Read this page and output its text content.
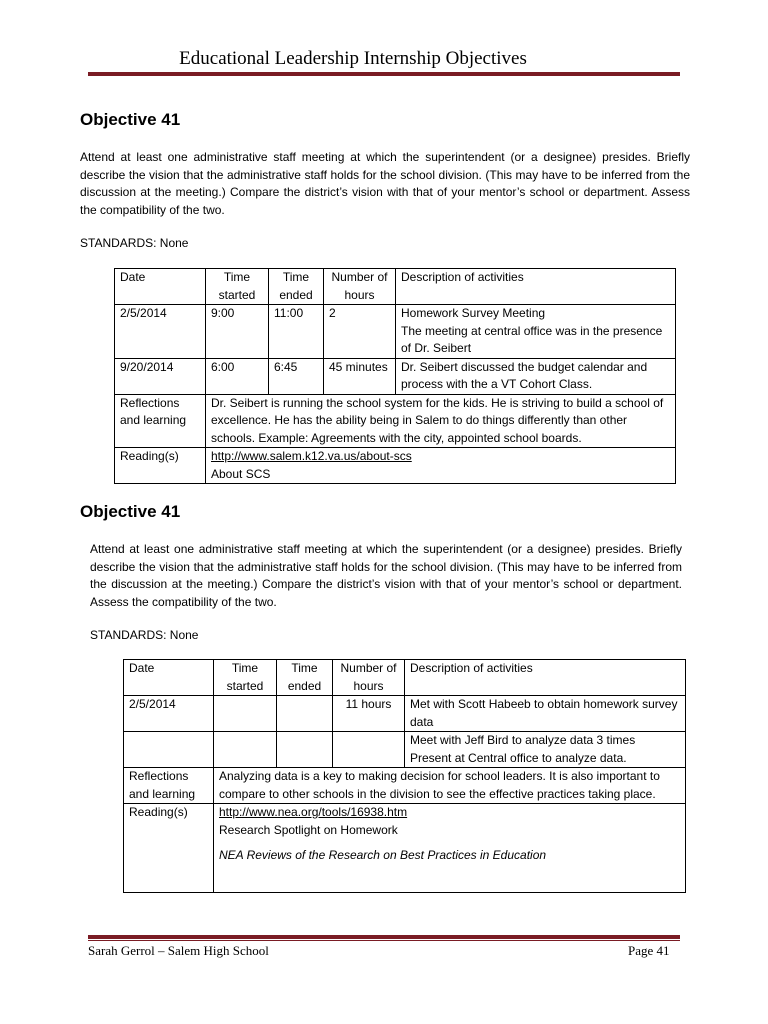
Educational Leadership Internship Objectives
Objective 41
Attend at least one administrative staff meeting at which the superintendent (or a designee) presides. Briefly describe the vision that the administrative staff holds for the school division. (This may have to be inferred from the discussion at the meeting.) Compare the district’s vision with that of your mentor’s school or department. Assess the compatibility of the two.
STANDARDS: None
Date	Time started	Time ended	Number of hours	Description of activities
2/5/2014	9:00	11:00	2	Homework Survey Meeting
The meeting at central office was in the presence of Dr. Seibert

9/20/2014	6:00	6:45	45 minutes	Dr. Seibert discussed the budget calendar and process with the a VT Cohort Class.
Reflections and learning	Dr. Seibert is running the school system for the kids. He is striving to build a school of excellence. He has the ability being in Salem to do things differently than other schools. Example: Agreements with the city, appointed school boards.			
Reading(s)	http://www.salem.k12.va.us/about-scs
About SCS			
Objective 41
Attend at least one administrative staff meeting at which the superintendent (or a designee) presides. Briefly describe the vision that the administrative staff holds for the school division. (This may have to be inferred from the discussion at the meeting.) Compare the district’s vision with that of your mentor’s school or department. Assess the compatibility of the two.
STANDARDS: None
Date	Time started	Time ended	Number of hours	Description of activities
2/5/2014			11 hours	Met with Scott Habeeb to obtain homework survey data

				Meet with Jeff Bird to analyze data 3 times
Present at Central office to analyze data.

Reflections and learning	Analyzing data is a key to making decision for school leaders. It is also important to compare to other schools in the division to see the effective practices taking place.			
Reading(s)	http://www.nea.org/tools/16938.htm
Research Spotlight on Homework
NEA Reviews of the Research on Best Practices in Education			
Sarah Gerrol – Salem High School	Page 41
